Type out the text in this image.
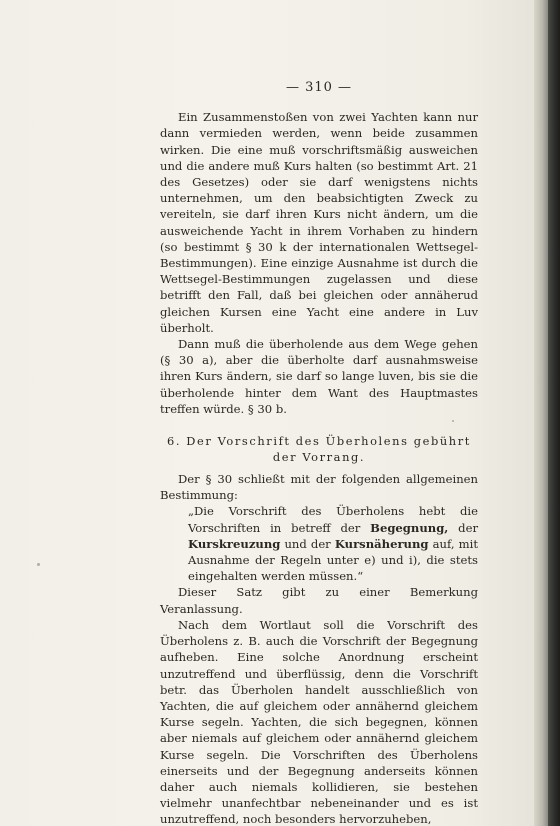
— 310 —

Ein Zusammenstoßen von zwei Yachten kann nur dann vermieden werden, wenn beide zusammen wirken. Die eine muß vorschriftsmäßig ausweichen und die andere muß Kurs halten (so bestimmt Art. 21 des Gesetzes) oder sie darf wenigstens nichts unternehmen, um den beabsichtigten Zweck zu vereiteln, sie darf ihren Kurs nicht ändern, um die ausweichende Yacht in ihrem Vorhaben zu hindern (so bestimmt § 30 k der internationalen Wettsegel-Bestimmungen). Eine einzige Ausnahme ist durch die Wettsegel-Bestimmungen zugelassen und diese betrifft den Fall, daß bei gleichen oder annäherud gleichen Kursen eine Yacht eine andere in Luv überholt.

Dann muß die überholende aus dem Wege gehen (§ 30 a), aber die überholte darf ausnahmsweise ihren Kurs ändern, sie darf so lange luven, bis sie die überholende hinter dem Want des Hauptmastes treffen würde. § 30 b.

6. Der Vorschrift des Überholens gebührt der Vorrang.

Der § 30 schließt mit der folgenden allgemeinen Bestimmung:

„Die Vorschrift des Überholens hebt die Vorschriften in betreff der Begegnung, der Kurskreuzung und der Kursnäherung auf, mit Ausnahme der Regeln unter e) und i), die stets eingehalten werden müssen.“

Dieser Satz gibt zu einer Bemerkung Veranlassung.

Nach dem Wortlaut soll die Vorschrift des Überholens z. B. auch die Vorschrift der Begegnung aufheben. Eine solche Anordnung erscheint unzutreffend und überflüssig, denn die Vorschrift betr. das Überholen handelt ausschließlich von Yachten, die auf gleichem oder annähernd gleichem Kurse segeln. Yachten, die sich begegnen, können aber niemals auf gleichem oder annähernd gleichem Kurse segeln. Die Vorschriften des Überholens einerseits und der Begegnung anderseits können daher auch niemals kollidieren, sie bestehen vielmehr unanfechtbar nebeneinander und es ist unzutreffend, noch besonders hervorzuheben,
